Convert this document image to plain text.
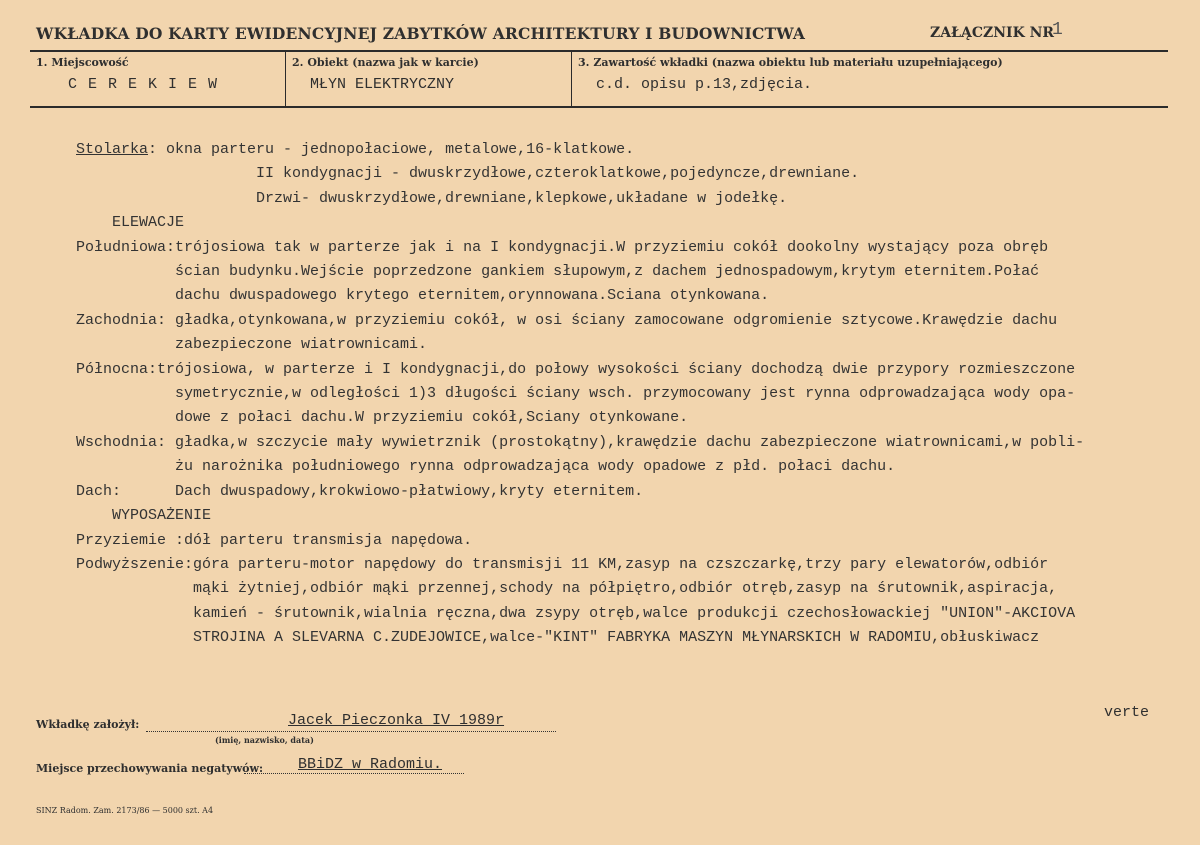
WKŁADKA DO KARTY EWIDENCYJNEJ ZABYTKÓW ARCHITEKTURY I BUDOWNICTWA	ZAŁĄCZNIK NR
1
1. Miejscowość
C E R E K I E W
2. Obiekt (nazwa jak w karcie)
MŁYN ELEKTRYCZNY
3. Zawartość wkładki (nazwa obiektu lub materiału uzupełniającego)
c.d. opisu p.13,zdjęcia.
Stolarka: okna parteru - jednopołaciowe, metalowe,16-klatkowe.
II kondygnacji - dwuskrzydłowe,czteroklatkowe,pojedyncze,drewniane.
Drzwi- dwuskrzydłowe,drewniane,klepkowe,układane w jodełkę.
ELEWACJE
Południowa:trójosiowa tak w parterze jak i na I kondygnacji.W przyziemiu cokół dookolny wystający poza obręb
ścian budynku.Wejście poprzedzone gankiem słupowym,z dachem jednospadowym,krytym eternitem.Połać
dachu dwuspadowego krytego eternitem,orynnowana.Sciana otynkowana.
Zachodnia: gładka,otynkowana,w przyziemiu cokół, w osi ściany zamocowane odgromienie sztycowe.Krawędzie dachu
zabezpieczone wiatrownicami.
Północna:trójosiowa, w parterze i I kondygnacji,do połowy wysokości ściany dochodzą dwie przypory rozmieszczone
symetrycznie,w odległości 1)3 długości ściany wsch. przymocowany jest rynna odprowadzająca wody opa-
dowe z połaci dachu.W przyziemiu cokół,Sciany otynkowane.
Wschodnia: gładka,w szczycie mały wywietrznik (prostokątny),krawędzie dachu zabezpieczone wiatrownicami,w pobli-
żu narożnika południowego rynna odprowadzająca wody opadowe z płd. połaci dachu.
Dach:      Dach dwuspadowy,krokwiowo-płatwiowy,kryty eternitem.
WYPOSAŻENIE
Przyziemie :dół parteru transmisja napędowa.
Podwyższenie:góra parteru-motor napędowy do transmisji 11 KM,zasyp na czszczarkę,trzy pary elewatorów,odbiór
mąki żytniej,odbiór mąki przennej,schody na półpiętro,odbiór otręb,zasyp na śrutownik,aspiracja,
kamień - śrutownik,wialnia ręczna,dwa zsypy otręb,walce produkcji czechosłowackiej "UNION"-AKCIOVA
STROJINA A SLEVARNA C.ZUDEJOWICE,walce-"KINT" FABRYKA MASZYN MŁYNARSKICH W RADOMIU,obłuskiwacz
verte
Wkładkę założył:	Jacek Pieczonka IV 1989r
(imię, nazwisko, data)
Miejsce przechowywania negatywów: BBiDZ w Radomiu.
SINZ Radom. Zam. 2173/86 — 5000 szt. A4
